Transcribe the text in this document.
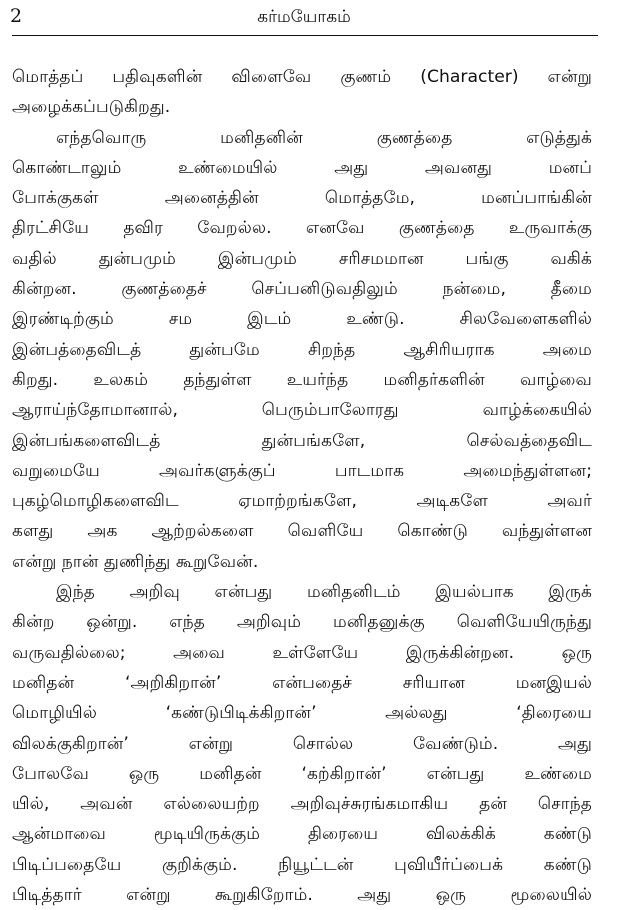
2	கர்மயோகம்
மொத்தப் பதிவுகளின் விளைவே குணம் (Character) என்று
அழைக்கப்படுகிறது.
எந்தவொரு மனிதனின் குணத்தை எடுத்துக்
கொண்டாலும் உண்மையில் அது அவனது மனப்
போக்குகள் அனைத்தின் மொத்தமே, மனப்பாங்கின்
திரட்சியே தவிர வேறல்ல. எனவே குணத்தை உருவாக்கு
வதில் துன்பமும் இன்பமும் சரிசமமான பங்கு வகிக்
கின்றன. குணத்தைச் செப்பனிடுவதிலும் நன்மை, தீமை
இரண்டிற்கும் சம இடம் உண்டு. சிலவேளைகளில்
இன்பத்தைவிடத் துன்பமே சிறந்த ஆசிரியராக அமை
கிறது. உலகம் தந்துள்ள உயர்ந்த மனிதர்களின் வாழ்வை
ஆராய்ந்தோமானால், பெரும்பாலோரது வாழ்க்கையில்
இன்பங்களைவிடத் துன்பங்களே, செல்வத்தைவிட
வறுமையே அவர்களுக்குப் பாடமாக அமைந்துள்ளன;
புகழ்மொழிகளைவிட ஏமாற்றங்களே, அடிகளே அவர்
களது அக ஆற்றல்களை வெளியே கொண்டு வந்துள்ளன
என்று நான் துணிந்து கூறுவேன்.
இந்த அறிவு என்பது மனிதனிடம் இயல்பாக இருக்
கின்ற ஒன்று. எந்த அறிவும் மனிதனுக்கு வெளியேயிருந்து
வருவதில்லை; அவை உள்ளேயே இருக்கின்றன. ஒரு
மனிதன் ‘அறிகிறான்’ என்பதைச் சரியான மனஇயல்
மொழியில் ‘கண்டுபிடிக்கிறான்’ அல்லது ‘திரையை
விலக்குகிறான்’ என்று சொல்ல வேண்டும். அது
போலவே ஒரு மனிதன் ‘கற்கிறான்’ என்பது உண்மை
யில், அவன் எல்லையற்ற அறிவுச்சுரங்கமாகிய தன் சொந்த
ஆன்மாவை மூடியிருக்கும் திரையை விலக்கிக் கண்டு
பிடிப்பதையே குறிக்கும். நியூட்டன் புவியீர்ப்பைக் கண்டு
பிடித்தார் என்று கூறுகிறோம். அது ஒரு மூலையில்
